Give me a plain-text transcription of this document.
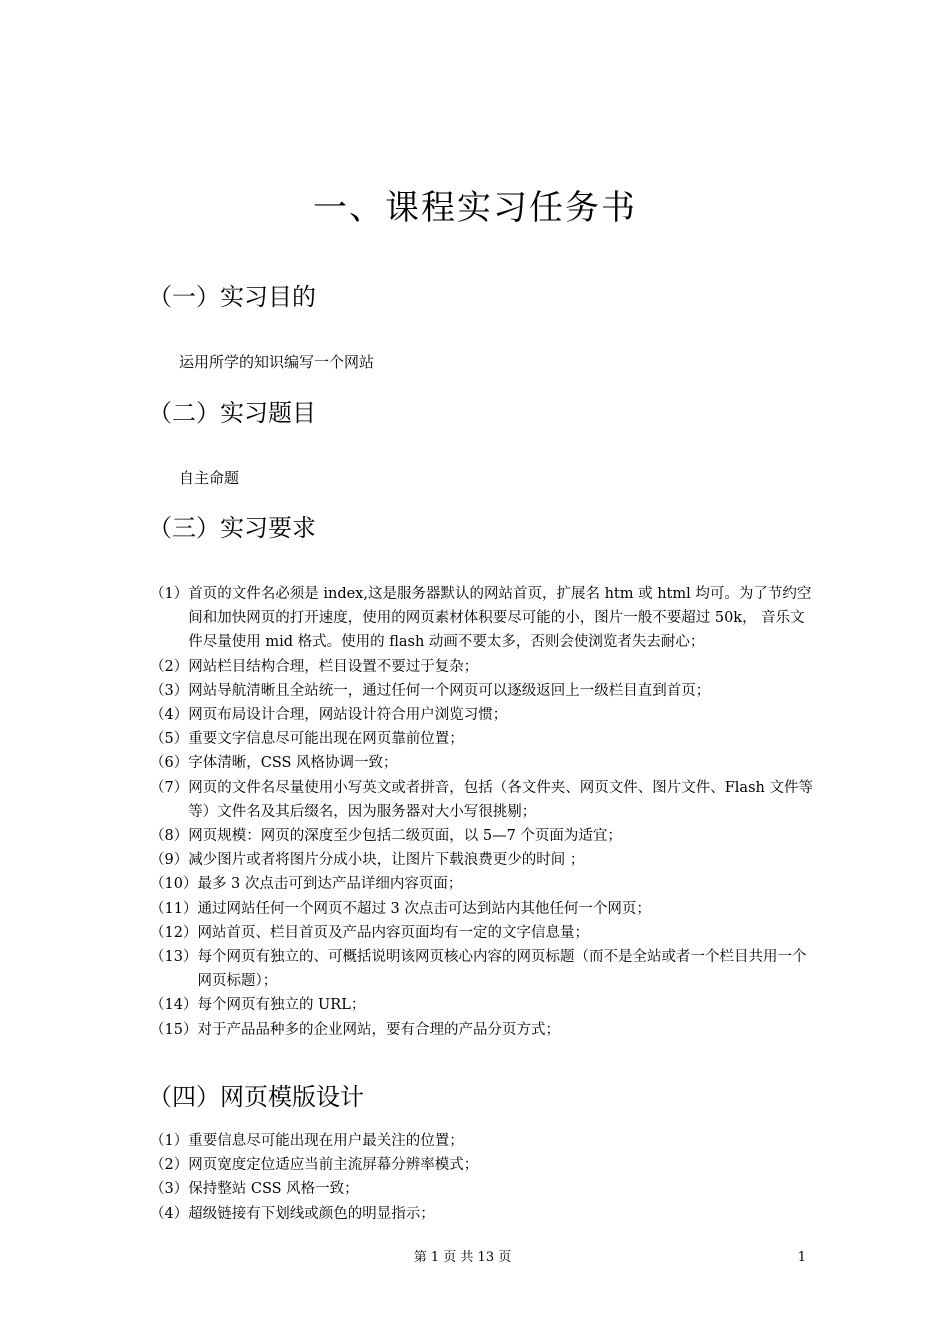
一、课程实习任务书
（一）实习目的

运用所学的知识编写一个网站

（二）实习题目

自主命题

（三）实习要求
（1） 首页的文件名必须是 index,这是服务器默认的网站首页，扩展名 htm 或 html 均可。为了节约空间和加快网页的打开速度，使用的网页素材体积要尽可能的小，图片一般不要超过 50k， 音乐文件尽量使用 mid 格式。使用的 flash 动画不要太多，否则会使浏览者失去耐心；
（2） 网站栏目结构合理，栏目设置不要过于复杂；
（3） 网站导航清晰且全站统一，通过任何一个网页可以逐级返回上一级栏目直到首页；
（4） 网页布局设计合理，网站设计符合用户浏览习惯；
（5） 重要文字信息尽可能出现在网页靠前位置；
（6） 字体清晰，CSS 风格协调一致；
（7） 网页的文件名尽量使用小写英文或者拼音，包括（各文件夹、网页文件、图片文件、Flash 文件等等）文件名及其后缀名，因为服务器对大小写很挑剔；
（8） 网页规模：网页的深度至少包括二级页面，以 5—7 个页面为适宜；
（9） 减少图片或者将图片分成小块，让图片下载浪费更少的时间 ；
（10） 最多 3 次点击可到达产品详细内容页面；
（11） 通过网站任何一个网页不超过 3 次点击可达到站内其他任何一个网页；
（12） 网站首页、栏目首页及产品内容页面均有一定的文字信息量；
（13） 每个网页有独立的、可概括说明该网页核心内容的网页标题（而不是全站或者一个栏目共用一个网页标题）；
（14） 每个网页有独立的 URL；
（15） 对于产品品种多的企业网站，要有合理的产品分页方式；
（四）网页模版设计
（1） 重要信息尽可能出现在用户最关注的位置；
（2） 网页宽度定位适应当前主流屏幕分辨率模式；
（3） 保持整站 CSS 风格一致；
（4） 超级链接有下划线或颜色的明显指示；
第 1 页 共 13 页	1
